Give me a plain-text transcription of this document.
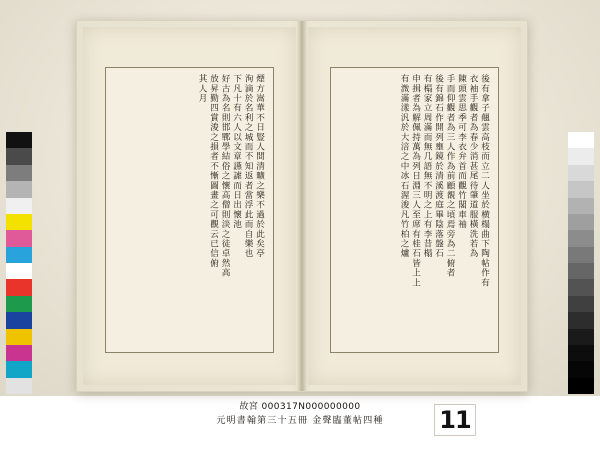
煙方嵩華不日豎人間清曠之樂不過於此矣亭
洵滴於名利之城而不知返者當浮此而自樂也
下凡十有六人以文章讌謔而日出懷池
好古為名則邯鄲學結俗之懷高僧則淡之徒卓然高
放昇勤四賞浚之損者不慚圖畫之可觀云已信俯
其人月	後有拿子翹雲高枝而立二人坐於横榻曲下陶帖作有
衣袖手觀者為春少消甚尾待肇道服橫洗若為
陳頭雲思季可李衣弁首而觀竹閣車袖
手而仰觀者為三人作為前顧覩之頃焉旁為二俯者
後有錦石作開列壅鏡於清溪渡庭畢陰落盤石
有榻家立周滿而無几語無不明之上有李昔榻
申揖者為解佩持萬為列日淵三人至席有桂石皆上上
有溦滿漾汎於大涪之中冰石渥浚凡竹柏之爐
故宮 000317N000000000
元明書翰第三十五冊 金聲臨董帖四種	11
